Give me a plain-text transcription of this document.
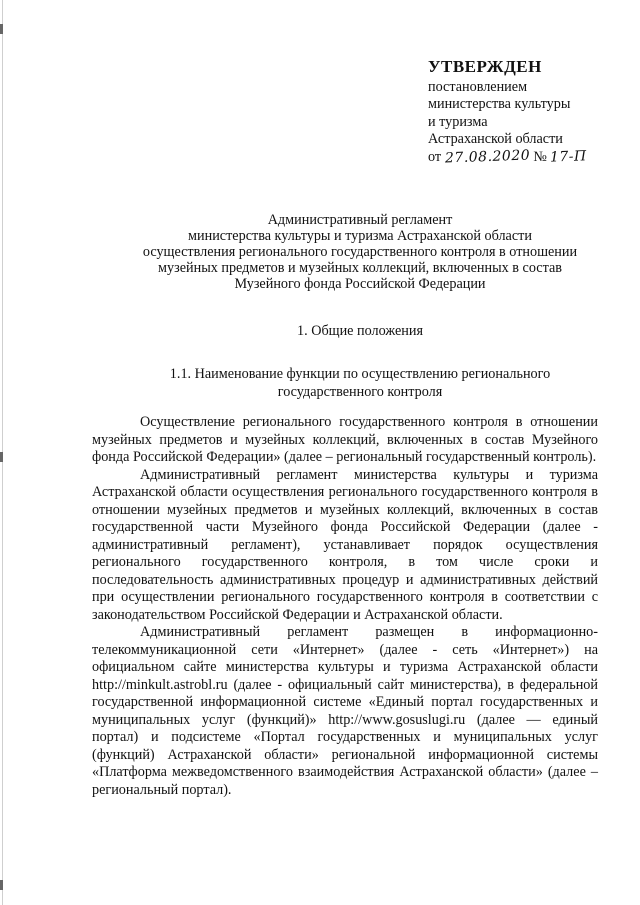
УТВЕРЖДЕН
постановлением
министерства культуры
и туризма
Астраханской области
от 27.08.2020 № 17-П
Административный регламент
министерства культуры и туризма Астраханской области
осуществления регионального государственного контроля в отношении
музейных предметов и музейных коллекций, включенных в состав
Музейного фонда Российской Федерации
1. Общие положения
1.1. Наименование функции по осуществлению регионального
государственного контроля

Осуществление регионального государственного контроля в отношении музейных предметов и музейных коллекций, включенных в состав Музейного фонда Российской Федерации» (далее – региональный государственный контроль).

Административный регламент министерства культуры и туризма Астраханской области осуществления регионального государственного контроля в отношении музейных предметов и музейных коллекций, включенных в состав государственной части Музейного фонда Российской Федерации (далее - административный регламент), устанавливает порядок осуществления регионального государственного контроля, в том числе сроки и последовательность административных процедур и административных действий при осуществлении регионального государственного контроля в соответствии с законодательством Российской Федерации и Астраханской области.

Административный регламент размещен в информационно-телекоммуникационной сети «Интернет» (далее - сеть «Интернет») на официальном сайте министерства культуры и туризма Астраханской области http://minkult.astrobl.ru (далее - официальный сайт министерства), в федеральной государственной информационной системе «Единый портал государственных и муниципальных услуг (функций)» http://www.gosuslugi.ru (далее — единый портал) и подсистеме «Портал государственных и муниципальных услуг (функций) Астраханской области» региональной информационной системы «Платформа межведомственного взаимодействия Астраханской области» (далее – региональный портал).
